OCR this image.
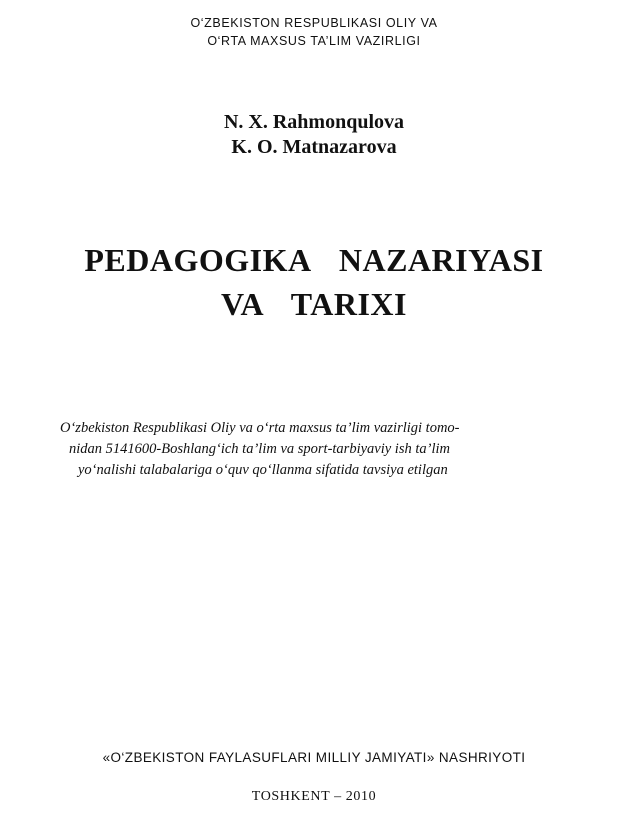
O‘ZBEKISTON RESPUBLIKASI OLIY VA
O‘RTA MAXSUS TA’LIM VAZIRLIGI
N. X. Rahmonqulova
K. O. Matnazarova
PEDAGOGIKA  NAZARIYASI
VA  TARIXI
O‘zbekiston Respublikasi Oliy va o‘rta maxsus ta’lim vazirligi tomo-
nidan 5141600-Boshlang‘ich ta’lim va sport-tarbiyaviy ish ta’lim
yo‘nalishi talabalariga o‘quv qo‘llanma sifatida tavsiya etilgan
«O‘ZBEKISTON FAYLASUFLARI MILLIY JAMIYATI» NASHRIYOTI
TOSHKENT – 2010
